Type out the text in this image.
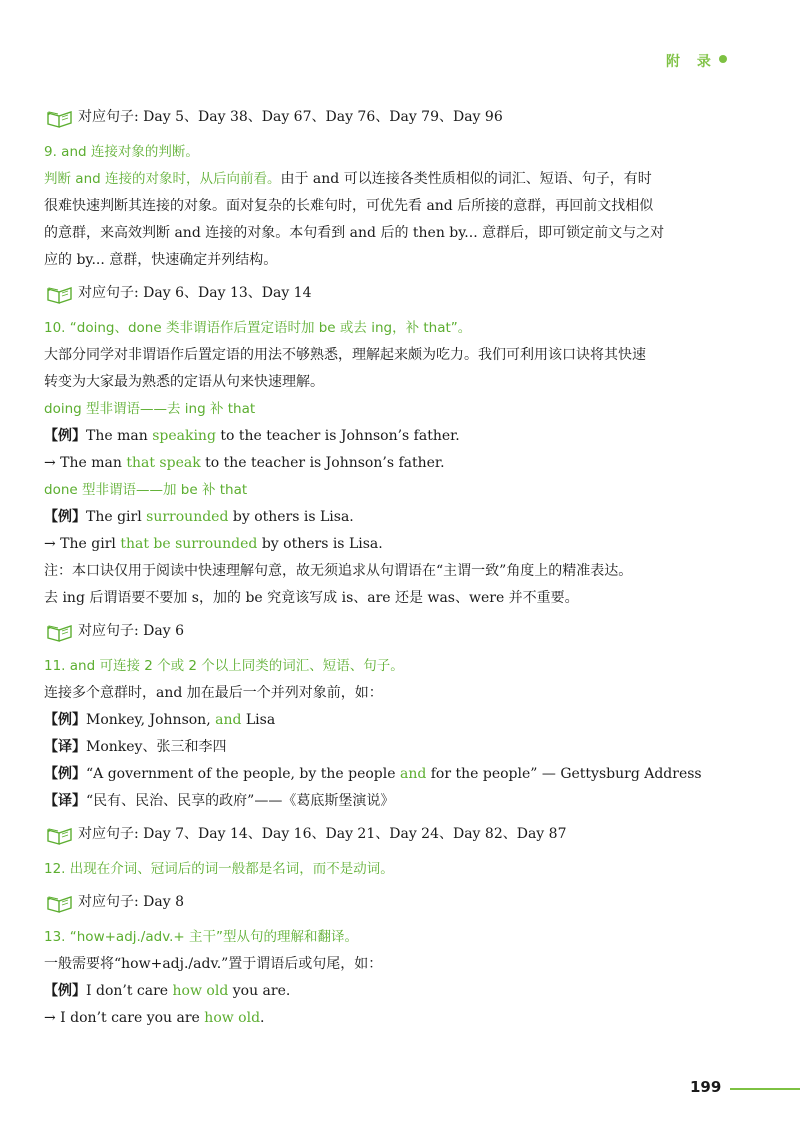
附 录
对应句子:
Day 5、Day 38、Day 67、Day 76、Day 79、Day 96
9. and 连接对象的判断。
判断 and 连接的对象时，从后向前看。由于 and 可以连接各类性质相似的词汇、短语、句子，有时
很难快速判断其连接的对象。面对复杂的长难句时，可优先看 and 后所接的意群，再回前文找相似
的意群，来高效判断 and 连接的对象。本句看到 and 后的 then by... 意群后，即可锁定前文与之对
应的 by... 意群，快速确定并列结构。
对应句子:
Day 6、Day 13、Day 14
10. “doing、done 类非谓语作后置定语时加 be 或去 ing，补 that”。
大部分同学对非谓语作后置定语的用法不够熟悉，理解起来颇为吃力。我们可利用该口诀将其快速
转变为大家最为熟悉的定语从句来快速理解。
doing 型非谓语——去 ing 补 that
【例】The man speaking to the teacher is Johnson’s father.
→ The man that speak to the teacher is Johnson’s father.
done 型非谓语——加 be 补 that
【例】The girl surrounded by others is Lisa.
→ The girl that be surrounded by others is Lisa.
注：本口诀仅用于阅读中快速理解句意，故无须追求从句谓语在“主谓一致”角度上的精准表达。
去 ing 后谓语要不要加 s，加的 be 究竟该写成 is、are 还是 was、were 并不重要。
对应句子:
Day 6
11. and 可连接 2 个或 2 个以上同类的词汇、短语、句子。
连接多个意群时，and 加在最后一个并列对象前，如：
【例】Monkey, Johnson, and Lisa
【译】Monkey、张三和李四
【例】“A government of the people, by the people and for the people” — Gettysburg Address
【译】“民有、民治、民享的政府”——《葛底斯堡演说》
对应句子:
Day 7、Day 14、Day 16、Day 21、Day 24、Day 82、Day 87
12. 出现在介词、冠词后的词一般都是名词，而不是动词。
对应句子:
Day 8
13. “how+adj./adv.+ 主干”型从句的理解和翻译。
一般需要将“how+adj./adv.”置于谓语后或句尾，如：
【例】I don’t care how old you are.
→ I don’t care you are how old.
199
